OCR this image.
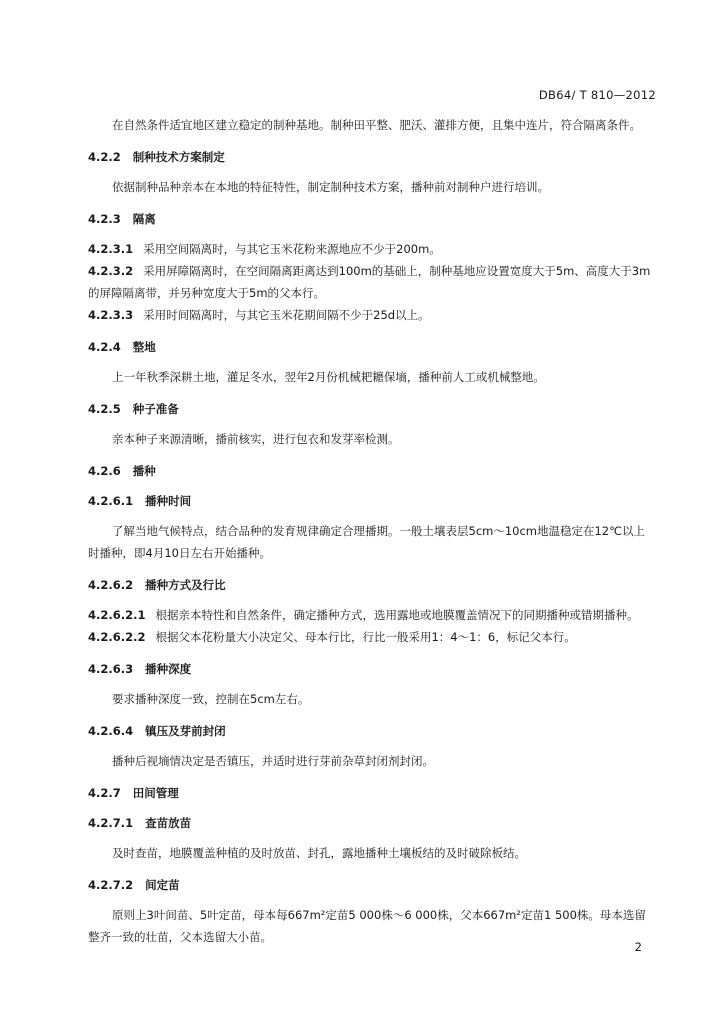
DB64/ T 810—2012

在自然条件适宜地区建立稳定的制种基地。制种田平整、肥沃、灌排方便，且集中连片，符合隔离条件。

4.2.2 制种技术方案制定

依据制种品种亲本在本地的特征特性，制定制种技术方案，播种前对制种户进行培训。

4.2.3 隔离

4.2.3.1 采用空间隔离时，与其它玉米花粉来源地应不少于200m。

4.2.3.2 采用屏障隔离时，在空间隔离距离达到100m的基础上，制种基地应设置宽度大于5m、高度大于3m的屏障隔离带，并另种宽度大于5m的父本行。

4.2.3.3 采用时间隔离时，与其它玉米花期间隔不少于25d以上。

4.2.4 整地

上一年秋季深耕土地，灌足冬水，翌年2月份机械耙耱保墒，播种前人工或机械整地。

4.2.5 种子准备

亲本种子来源清晰，播前核实，进行包衣和发芽率检测。

4.2.6 播种

4.2.6.1 播种时间

了解当地气候特点，结合品种的发育规律确定合理播期。一般土壤表层5cm～10cm地温稳定在12℃以上时播种，即4月10日左右开始播种。

4.2.6.2 播种方式及行比

4.2.6.2.1 根据亲本特性和自然条件，确定播种方式，选用露地或地膜覆盖情况下的同期播种或错期播种。

4.2.6.2.2 根据父本花粉量大小决定父、母本行比，行比一般采用1：4～1：6，标记父本行。

4.2.6.3 播种深度

要求播种深度一致，控制在5cm左右。

4.2.6.4 镇压及芽前封闭

播种后视墒情决定是否镇压，并适时进行芽前杂草封闭剂封闭。

4.2.7 田间管理

4.2.7.1 查苗放苗

及时查苗，地膜覆盖种植的及时放苗、封孔，露地播种土壤板结的及时破除板结。

4.2.7.2 间定苗

原则上3叶间苗、5叶定苗，母本每667m²定苗5 000株～6 000株，父本667m²定苗1 500株。母本选留整齐一致的壮苗，父本选留大小苗。

2
